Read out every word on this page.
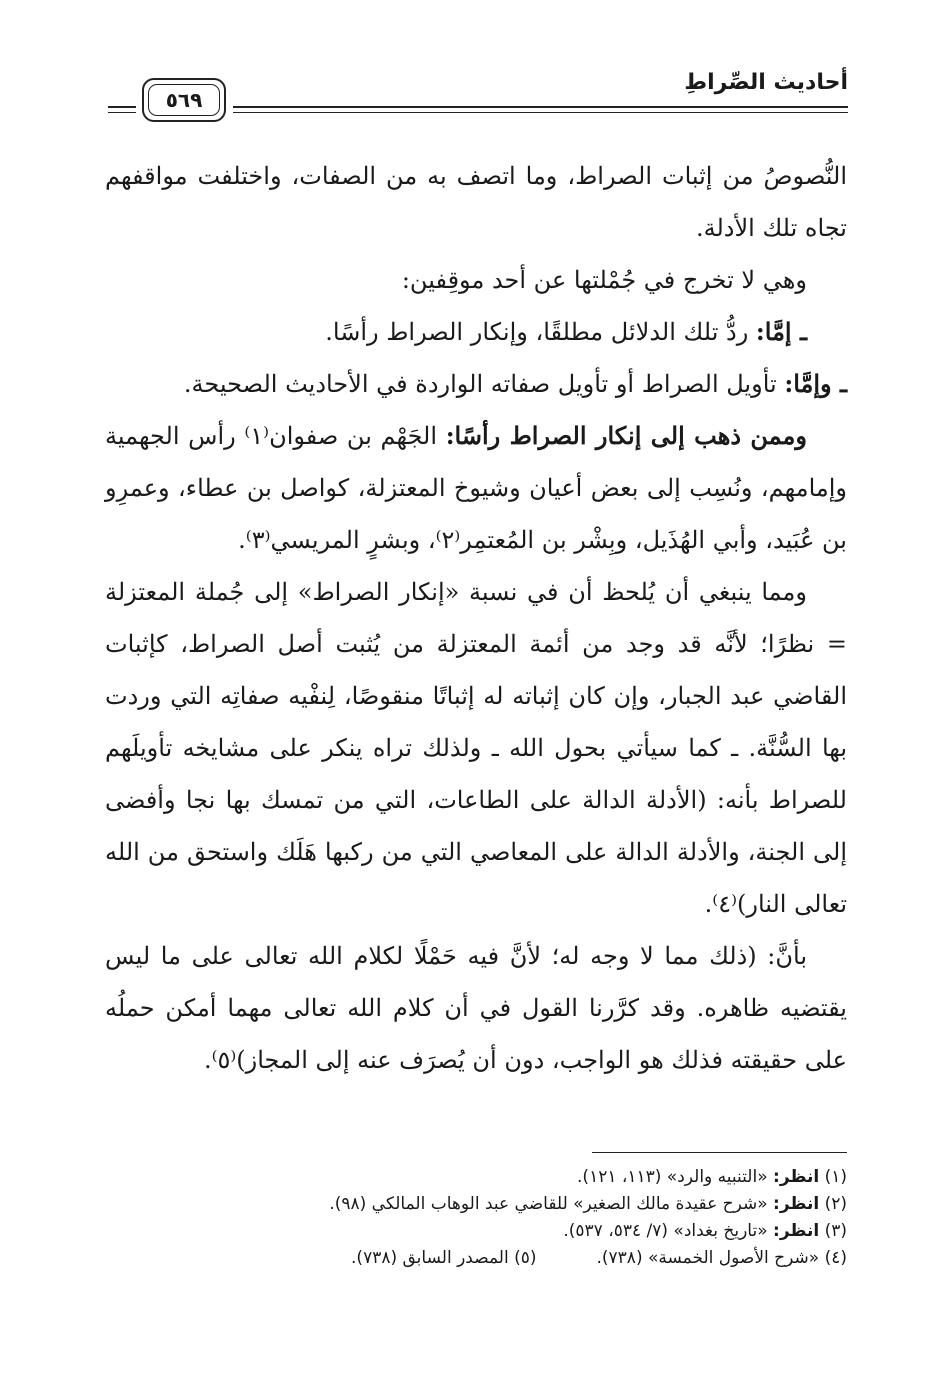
أحاديث الصِّراطِ
٥٦٩

النُّصوصُ من إثبات الصراط، وما اتصف به من الصفات، واختلفت مواقفهم تجاه تلك الأدلة.

وهي لا تخرج في جُمْلتها عن أحد موقِفين:

ـ إمَّا: ردُّ تلك الدلائل مطلقًا، وإنكار الصراط رأسًا.

ـ وإمَّا: تأويل الصراط أو تأويل صفاته الواردة في الأحاديث الصحيحة.

وممن ذهب إلى إنكار الصراط رأسًا: الجَهْم بن صفوان⁽١⁾ رأس الجهمية وإمامهم، ونُسِب إلى بعض أعيان وشيوخ المعتزلة، كواصل بن عطاء، وعمرِو بن عُبَيد، وأبي الهُذَيل، وبِشْر بن المُعتمِر⁽٢⁾، وبشرٍ المريسي⁽٣⁾.

ومما ينبغي أن يُلحظ أن في نسبة «إنكار الصراط» إلى جُملة المعتزلة = نظرًا؛ لأنَّه قد وجد من أئمة المعتزلة من يُثبت أصل الصراط، كإثبات القاضي عبد الجبار، وإن كان إثباته له إثباتًا منقوصًا، لِنفْيه صفاتِه التي وردت بها السُّنَّة. ـ كما سيأتي بحول الله ـ ولذلك تراه ينكر على مشايخه تأويلَهم للصراط بأنه: (الأدلة الدالة على الطاعات، التي من تمسك بها نجا وأفضى إلى الجنة، والأدلة الدالة على المعاصي التي من ركبها هَلَك واستحق من الله تعالى النار)⁽٤⁾.

بأنَّ: (ذلك مما لا وجه له؛ لأنَّ فيه حَمْلًا لكلام الله تعالى على ما ليس يقتضيه ظاهره. وقد كرَّرنا القول في أن كلام الله تعالى مهما أمكن حملُه على حقيقته فذلك هو الواجب، دون أن يُصرَف عنه إلى المجاز)⁽٥⁾.

(١) انظر: «التنبيه والرد» (١١٣، ١٢١).

(٢) انظر: «شرح عقيدة مالك الصغير» للقاضي عبد الوهاب المالكي (٩٨).

(٣) انظر: «تاريخ بغداد» (٧/ ٥٣٤، ٥٣٧).

(٤) «شرح الأصول الخمسة» (٧٣٨).(٥) المصدر السابق (٧٣٨).
